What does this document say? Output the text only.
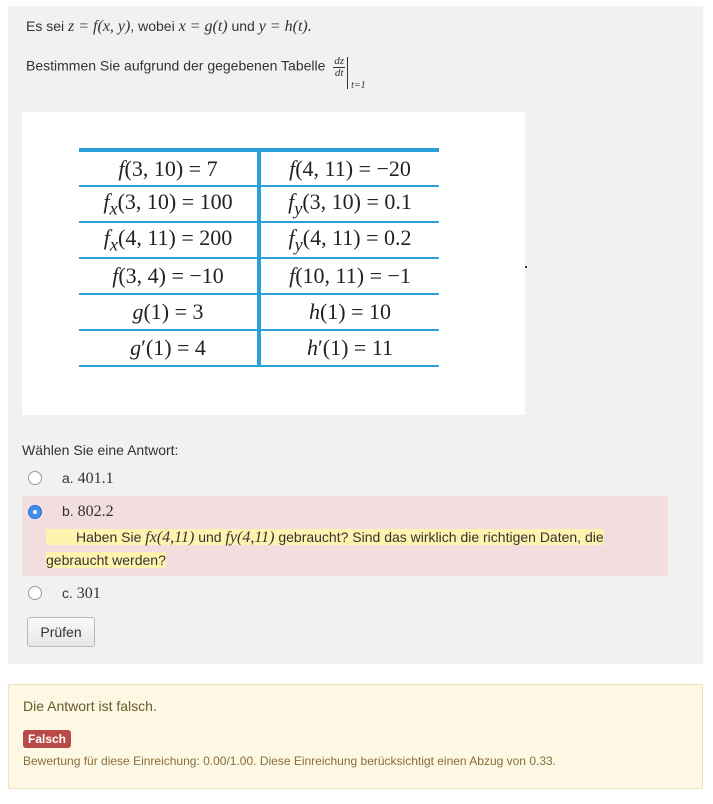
Es sei z = f(x, y), wobei x = g(t) und y = h(t).
Bestimmen Sie aufgrund der gegebenen Tabelle $\frac{dz}{dt}$
t=1
f(3, 10) = 7	f(4, 11) = −20
$f_x(3$, 10) = 100	$f_y(3$, 10) = 0.1
$f_x(4$, 11) = 200	$f_y(4$, 11) = 0.2
f(3, 4) = −10	f(10, 11) = −1
g(1) = 3	h(1) = 10
g′(1) = 4	h′(1) = 11
Wählen Sie eine Antwort:
a. 401.1
b. 802.2
Haben Sie fx(4,11) und fy(4,11) gebraucht? Sind das wirklich die richtigen Daten, die gebraucht werden?
c. 301
Prüfen
Die Antwort ist falsch.
Falsch
Bewertung für diese Einreichung: 0.00/1.00. Diese Einreichung berücksichtigt einen Abzug von 0.33.
